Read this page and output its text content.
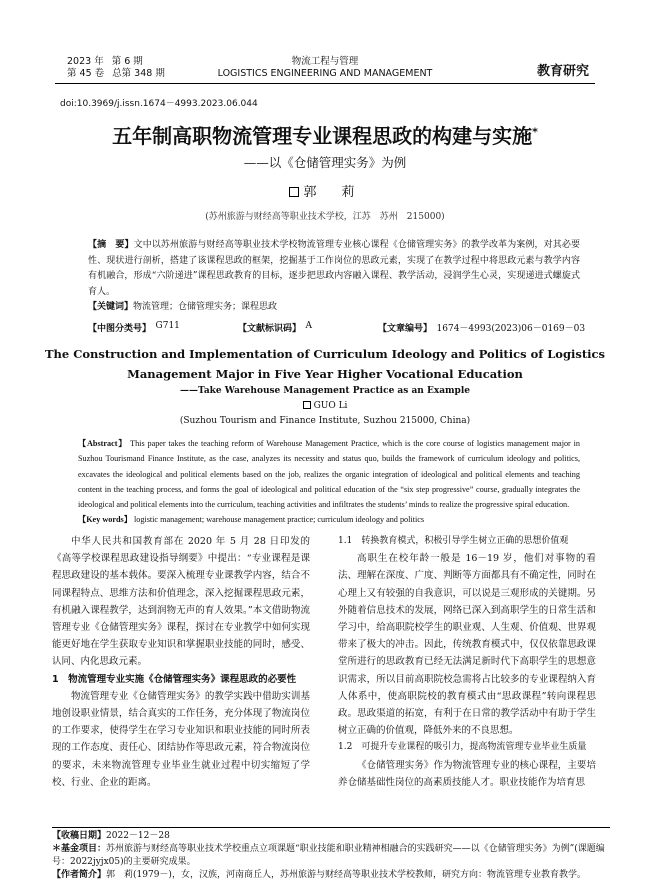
2023 年 第 6 期
第 45 卷 总第 348 期
物流工程与管理
LOGISTICS ENGINEERING AND MANAGEMENT	教育研究
doi:10.3969/j.issn.1674－4993.2023.06.044
五年制高职物流管理专业课程思政的构建与实施*
——以《仓储管理实务》为例
郭　莉
(苏州旅游与财经高等职业技术学校，江苏　苏州　215000)
【摘　要】文中以苏州旅游与财经高等职业技术学校物流管理专业核心课程《仓储管理实务》的教学改革为案例，对其必要性、现状进行剖析，搭建了该课程思政的框架，挖掘基于工作岗位的思政元素，实现了在教学过程中将思政元素与教学内容有机融合，形成“六阶递进”课程思政教育的目标，逐步把思政内容融入课程、教学活动，浸润学生心灵，实现递进式螺旋式育人。
【关键词】物流管理；仓储管理实务；课程思政
【中图分类号】　 G711	【文献标识码】　 A	【文章编号】　 1674－4993(2023)06－0169－03
The Construction and Implementation of Curriculum Ideology and Politics of Logistics
Management Major in Five Year Higher Vocational Education
——Take Warehouse Management Practice as an Example
GUO Li
(Suzhou Tourism and Finance Institute, Suzhou 215000, China)
【Abstract】 This paper takes the teaching reform of Warehouse Management Practice, which is the core course of logistics management major in Suzhou Tourismand Finance Institute, as the case, analyzes its necessity and status quo, builds the framework of curriculum ideology and politics, excavates the ideological and political elements based on the job, realizes the organic integration of ideological and political elements and teaching content in the teaching process, and forms the goal of ideological and political education of the “six step progressive” course, gradually integrates the ideological and political elements into the curriculum, teaching activities and infiltrates the students’ minds to realize the progressive spiral education.
【Key words】 logistic management; warehouse management practice; curriculum ideology and politics

中华人民共和国教育部在 2020 年 5 月 28 日印发的《高等学校课程思政建设指导纲要》中提出：“专业课程是课程思政建设的基本载体。要深入梳理专业课教学内容，结合不同课程特点、思维方法和价值理念，深入挖掘课程思政元素，有机融入课程教学，达到润物无声的育人效果。”本文借助物流管理专业《仓储管理实务》课程，探讨在专业教学中如何实现能更好地在学生获取专业知识和掌握职业技能的同时，感受、认同、内化思政元素。

1　物流管理专业实施《仓储管理实务》课程思政的必要性

物流管理专业《仓储管理实务》的教学实践中借助实训基地创设职业情景，结合真实的工作任务，充分体现了物流岗位的工作要求，使得学生在学习专业知识和职业技能的同时所表现的工作态度、责任心、团结协作等思政元素，符合物流岗位的要求，未来物流管理专业毕业生就业过程中切实缩短了学校、行业、企业的距离。

1.1　转换教育模式，积极引导学生树立正确的思想价值观

高职生在校年龄一般是 16－19 岁，他们对事物的看法、理解在深度、广度、判断等方面都具有不确定性，同时在心理上又有较强的自我意识，可以说是三观形成的关键期。另外随着信息技术的发展，网络已深入到高职学生的日常生活和学习中，给高职院校学生的职业观、人生观、价值观、世界观带来了极大的冲击。因此，传统教育模式中，仅仅依靠思政课堂所进行的思政教育已经无法满足新时代下高职学生的思想意识需求，所以目前高职院校急需将占比较多的专业课程纳入育人体系中，使高职院校的教育模式由“思政课程”转向课程思政。思政渠道的拓宽，有利于在日常的教学活动中有助于学生树立正确的价值观，降低外来的不良思想。

1.2　可提升专业课程的吸引力，提高物流管理专业毕业生质量

《仓储管理实务》作为物流管理专业的核心课程，主要培养仓储基础性岗位的高素质技能人才。职业技能作为培育思

【收稿日期】2022－12－28
＊基金项目：苏州旅游与财经高等职业技术学校重点立项课题“职业技能和职业精神相融合的实践研究——以《仓储管理实务》为例”(课题编号：2022jyjx05)的主要研究成果。
【作者简介】郭　莉(1979－)，女，汉族，河南商丘人，苏州旅游与财经高等职业技术学校教师，研究方向：物流管理专业教育教学。
